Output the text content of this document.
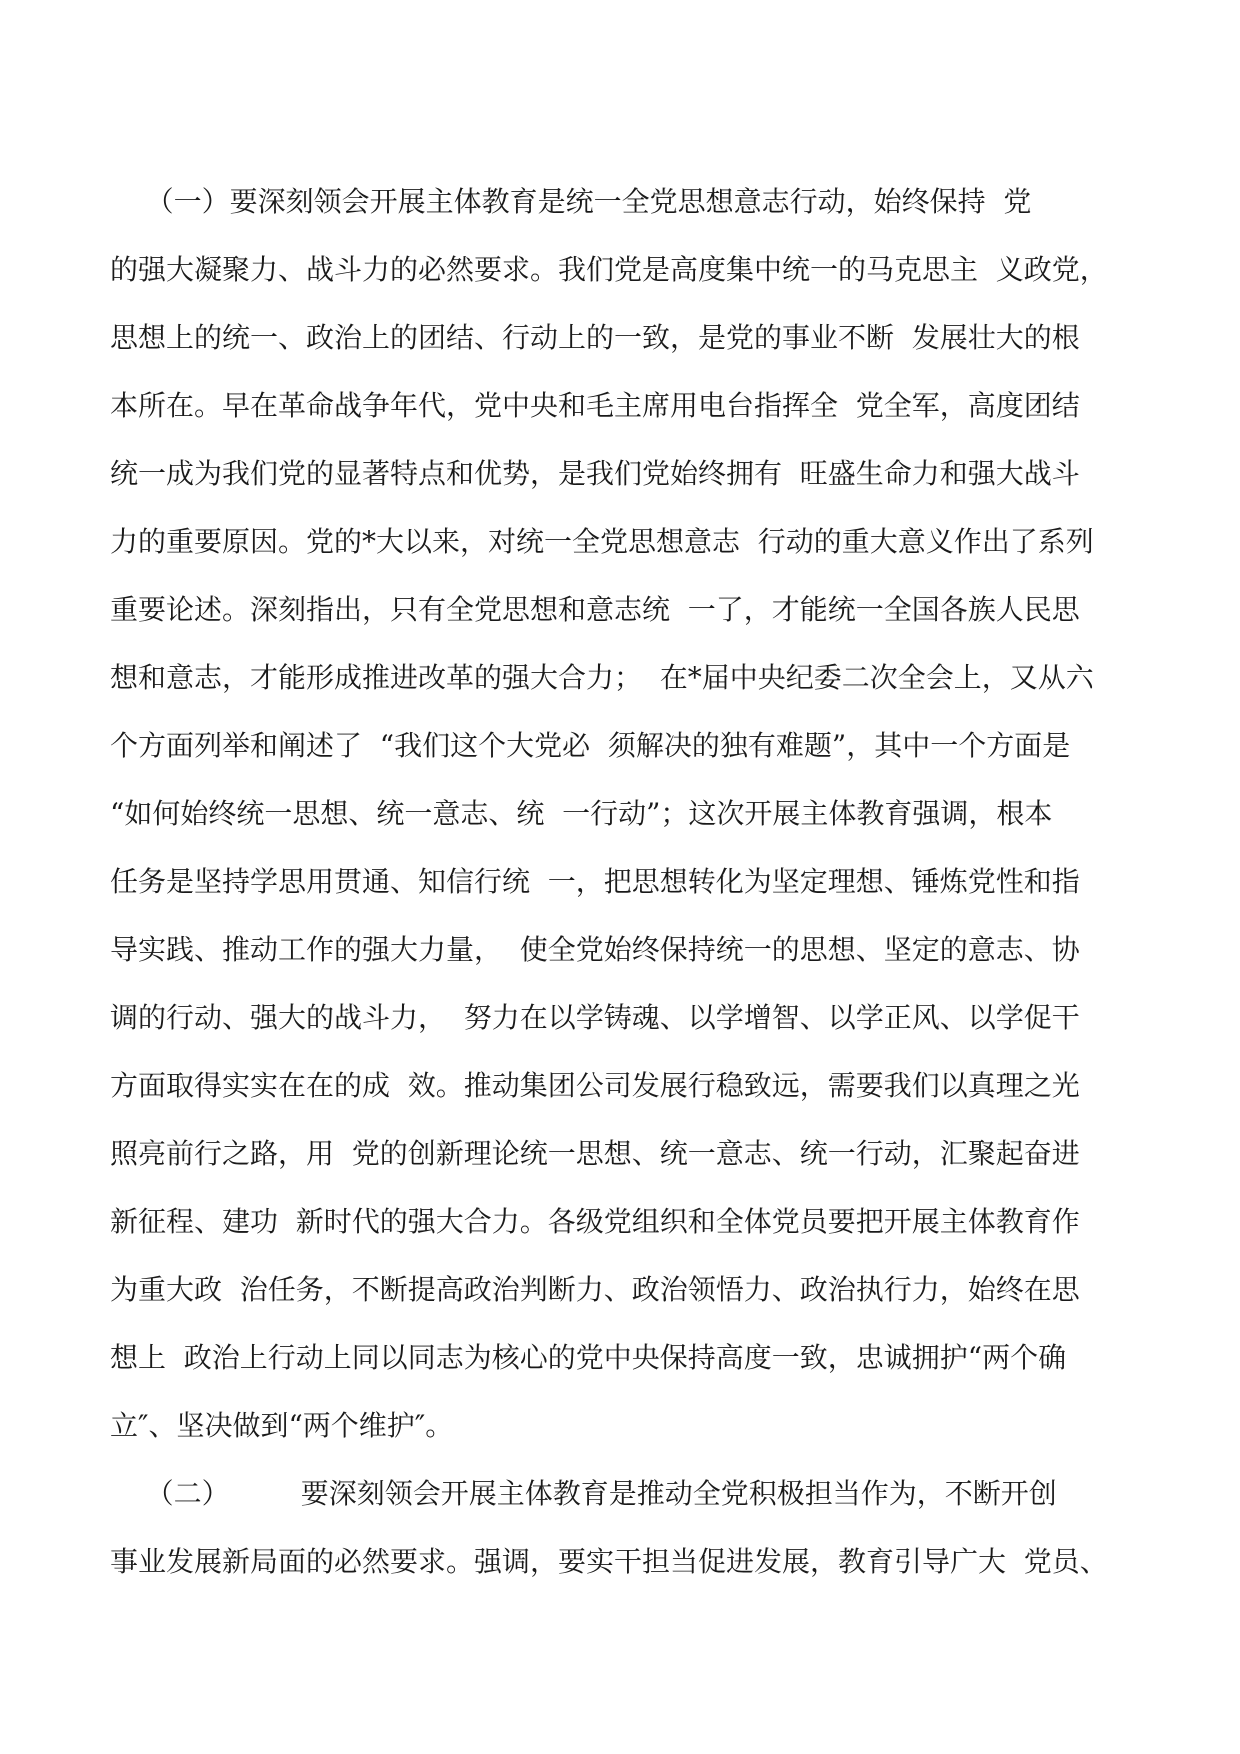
（一）要深刻领会开展主体教育是统一全党思想意志行动，始终保持  党
的强大凝聚力、战斗力的必然要求。我们党是高度集中统一的马克思主  义政党，
思想上的统一、政治上的团结、行动上的一致，是党的事业不断  发展壮大的根
本所在。早在革命战争年代，党中央和毛主席用电台指挥全  党全军，高度团结
统一成为我们党的显著特点和优势，是我们党始终拥有  旺盛生命力和强大战斗
力的重要原因。党的*大以来，对统一全党思想意志  行动的重大意义作出了系列
重要论述。深刻指出，只有全党思想和意志统  一了，才能统一全国各族人民思
想和意志，才能形成推进改革的强大合力；  在*届中央纪委二次全会上，又从六
个方面列举和阐述了  “我们这个大党必  须解决的独有难题”，其中一个方面是
“如何始终统一思想、统一意志、统  一行动”；这次开展主体教育强调，根本
任务是坚持学思用贯通、知信行统  一，把思想转化为坚定理想、锤炼党性和指
导实践、推动工作的强大力量，  使全党始终保持统一的思想、坚定的意志、协
调的行动、强大的战斗力，  努力在以学铸魂、以学增智、以学正风、以学促干
方面取得实实在在的成  效。推动集团公司发展行稳致远，需要我们以真理之光
照亮前行之路，用  党的创新理论统一思想、统一意志、统一行动，汇聚起奋进
新征程、建功  新时代的强大合力。各级党组织和全体党员要把开展主体教育作
为重大政  治任务，不断提高政治判断力、政治领悟力、政治执行力，始终在思
想上  政治上行动上同以同志为核心的党中央保持高度一致，忠诚拥护“两个确
立″、坚决做到“两个维护″。
（二）        要深刻领会开展主体教育是推动全党积极担当作为，不断开创
事业发展新局面的必然要求。强调，要实干担当促进发展，教育引导广大  党员、
